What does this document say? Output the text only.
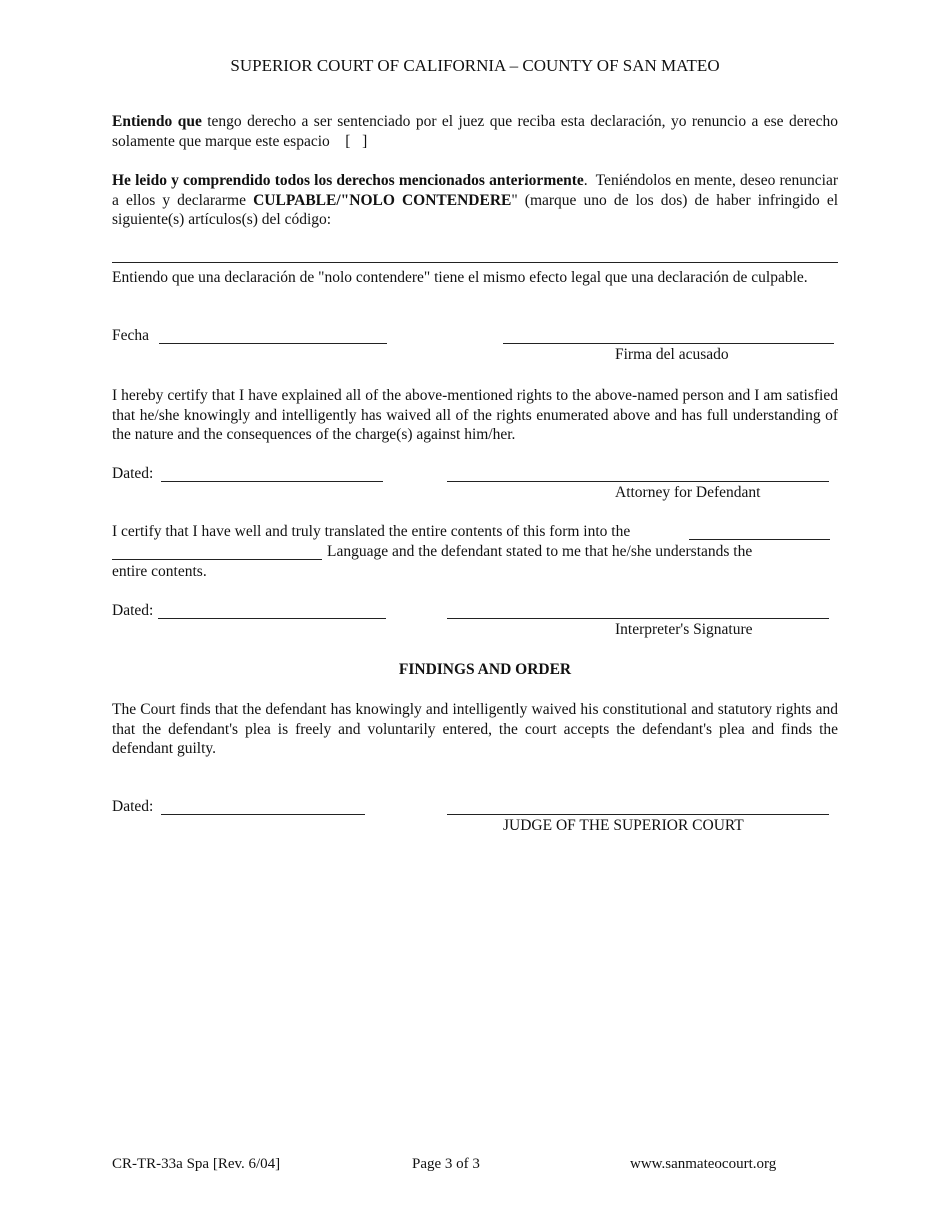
SUPERIOR COURT OF CALIFORNIA – COUNTY OF SAN MATEO
Entiendo que tengo derecho a ser sentenciado por el juez que reciba esta declaración, yo renuncio a ese derecho solamente que marque este espacio [   ]
He leido y comprendido todos los derechos mencionados anteriormente.  Teniéndolos en mente, deseo renunciar a ellos y declararme CULPABLE/"NOLO CONTENDERE" (marque uno de los dos) de haber infringido el siguiente(s) artículos(s) del código:
Entiendo que una declaración de "nolo contendere" tiene el mismo efecto legal que una declaración de culpable.
Fecha
Firma del acusado
I hereby certify that I have explained all of the above-mentioned rights to the above-named person and I am satisfied that he/she knowingly and intelligently has waived all of the rights enumerated above and has full understanding of the nature and the consequences of the charge(s) against him/her.
Dated:
Attorney for Defendant
I certify that I have well and truly translated the entire contents of this form into the
Language and the defendant stated to me that he/she understands the
entire contents.
Dated:
Interpreter's Signature
FINDINGS AND ORDER
The Court finds that the defendant has knowingly and intelligently waived his constitutional and statutory rights and that the defendant's plea is freely and voluntarily entered, the court accepts the defendant's plea and finds the defendant guilty.
Dated:
JUDGE OF THE SUPERIOR COURT
CR-TR-33a Spa [Rev. 6/04]	Page 3 of 3	www.sanmateocourt.org
